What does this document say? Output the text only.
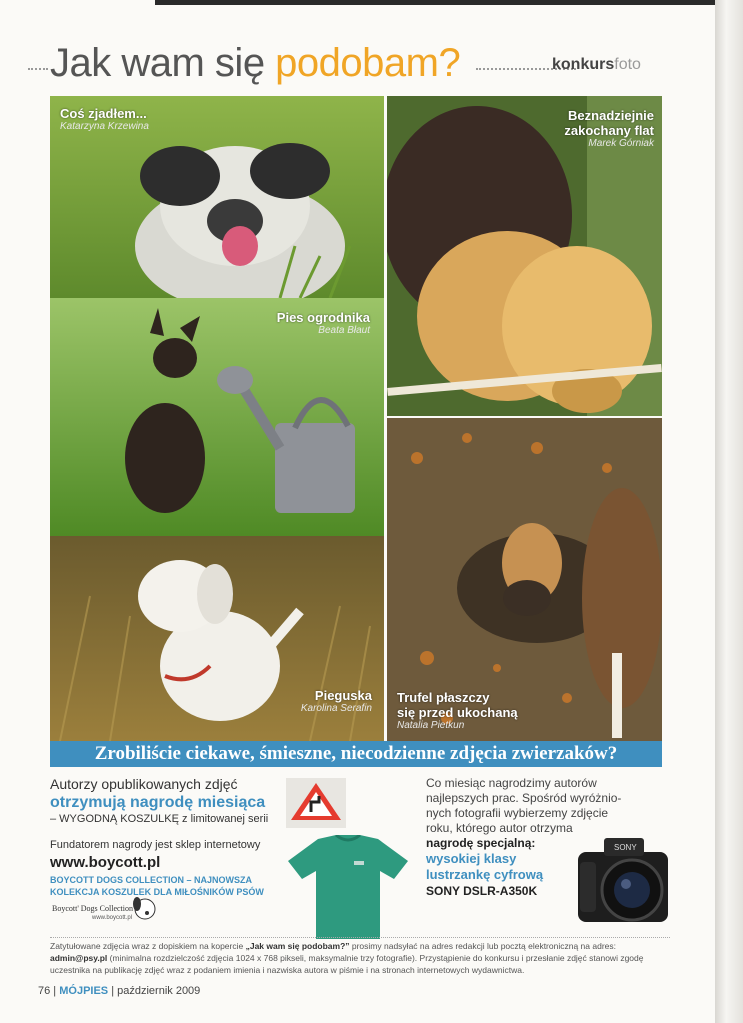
Jak wam się podobam?	konkursfoto
Coś zjadłem...
Katarzyna Krzewina
Beznadziejnie
zakochany flat
Marek Górniak
Pies ogrodnika
Beata Błaut
Pieguska
Karolina Serafin
Trufel płaszczy
się przed ukochaną
Natalia Pietkun
Zrobiliście ciekawe, śmieszne, niecodzienne zdjęcia zwierzaków?
Autorzy opublikowanych zdjęć
otrzymują nagrodę miesiąca
– WYGODNĄ KOSZULKĘ z limitowanej serii
Fundatorem nagrody jest sklep internetowy
www.boycott.pl
BOYCOTT DOGS COLLECTION – NAJNOWSZA KOLEKCJA KOSZULEK DLA MIŁOŚNIKÓW PSÓW
Boycott' Dogs Collection
www.boycott.pl
Co miesiąc nagrodzimy autorów najlepszych prac. Spośród wyróżnio-nych fotografii wybierzemy zdjęcie roku, którego autor otrzyma
nagrodę specjalną:
wysokiej klasy
lustrzankę cyfrową
SONY DSLR-A350K
SONY
Zatytułowane zdjęcia wraz z dopiskiem na kopercie „Jak wam się podobam?” prosimy nadsyłać na adres redakcji lub pocztą elektroniczną na adres: admin@psy.pl (minimalna rozdzielczość zdjęcia 1024 x 768 pikseli, maksymalnie trzy fotografie). Przystąpienie do konkursu i przesłanie zdjęć stanowi zgodę uczestnika na publikację zdjęć wraz z podaniem imienia i nazwiska autora w piśmie i na stronach internetowych wydawnictwa.
76 | MÓJPIES | październik 2009
